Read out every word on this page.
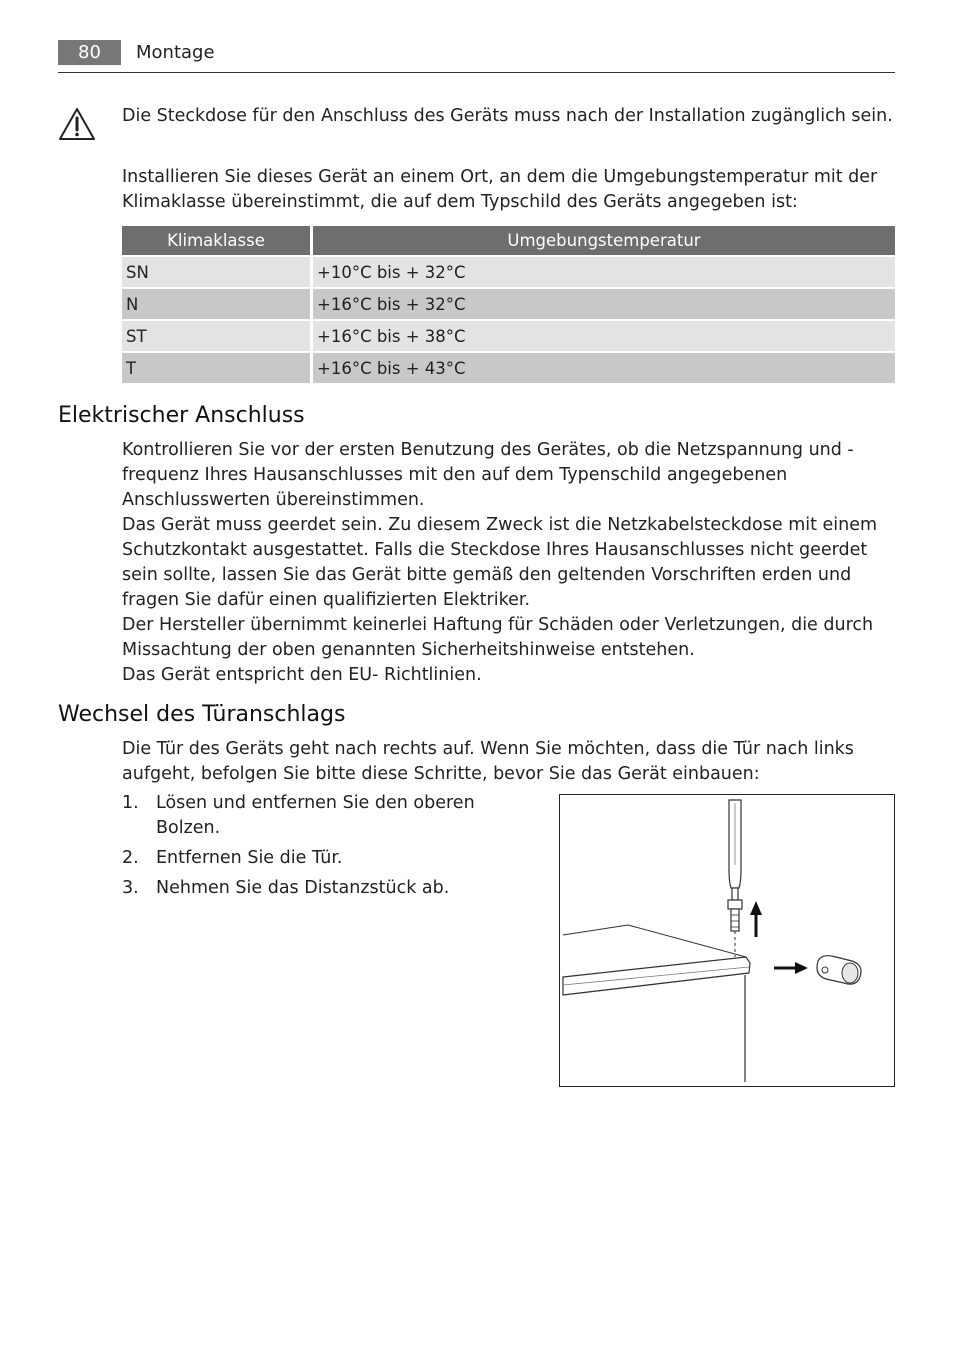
80	Montage
Die Steckdose für den Anschluss des Geräts muss nach der Installation zugänglich sein.
Installieren Sie dieses Gerät an einem Ort, an dem die Umgebungstemperatur mit der Klimaklasse übereinstimmt, die auf dem Typschild des Geräts angegeben ist:
Klimaklasse	Umgebungstemperatur
SN	+10°C bis + 32°C
N	+16°C bis + 32°C
ST	+16°C bis + 38°C
T	+16°C bis + 43°C
Elektrischer Anschluss
Kontrollieren Sie vor der ersten Benutzung des Gerätes, ob die Netzspannung und -frequenz Ihres Hausanschlusses mit den auf dem Typenschild angegebenen Anschlusswerten übereinstimmen.
Das Gerät muss geerdet sein. Zu diesem Zweck ist die Netzkabelsteckdose mit einem Schutzkontakt ausgestattet. Falls die Steckdose Ihres Hausanschlusses nicht geerdet sein sollte, lassen Sie das Gerät bitte gemäß den geltenden Vorschriften erden und fragen Sie dafür einen qualifizierten Elektriker.
Der Hersteller übernimmt keinerlei Haftung für Schäden oder Verletzungen, die durch Missachtung der oben genannten Sicherheitshinweise entstehen.
Das Gerät entspricht den EU- Richtlinien.
Wechsel des Türanschlags
Die Tür des Geräts geht nach rechts auf. Wenn Sie möchten, dass die Tür nach links aufgeht, befolgen Sie bitte diese Schritte, bevor Sie das Gerät einbauen:
1. Lösen und entfernen Sie den oberen Bolzen.
2. Entfernen Sie die Tür.
3. Nehmen Sie das Distanzstück ab.
